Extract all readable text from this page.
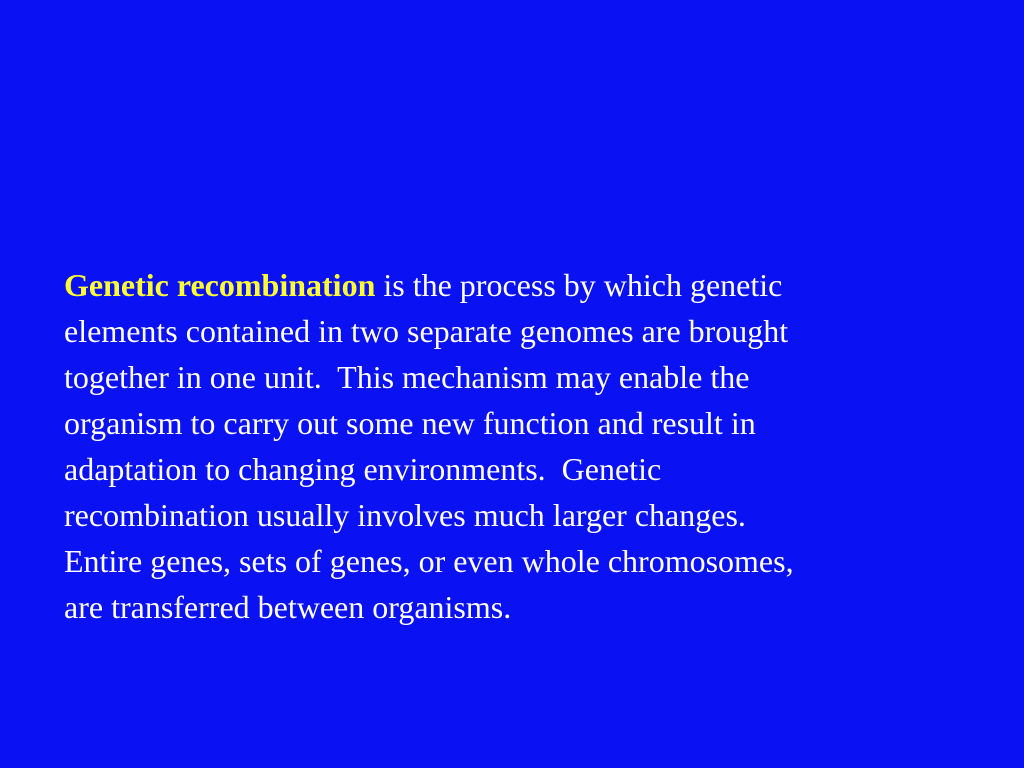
Genetic recombination is the process by which genetic
elements contained in two separate genomes are brought
together in one unit.  This mechanism may enable the
organism to carry out some new function and result in
adaptation to changing environments.  Genetic
recombination usually involves much larger changes.
Entire genes, sets of genes, or even whole chromosomes,
are transferred between organisms.
